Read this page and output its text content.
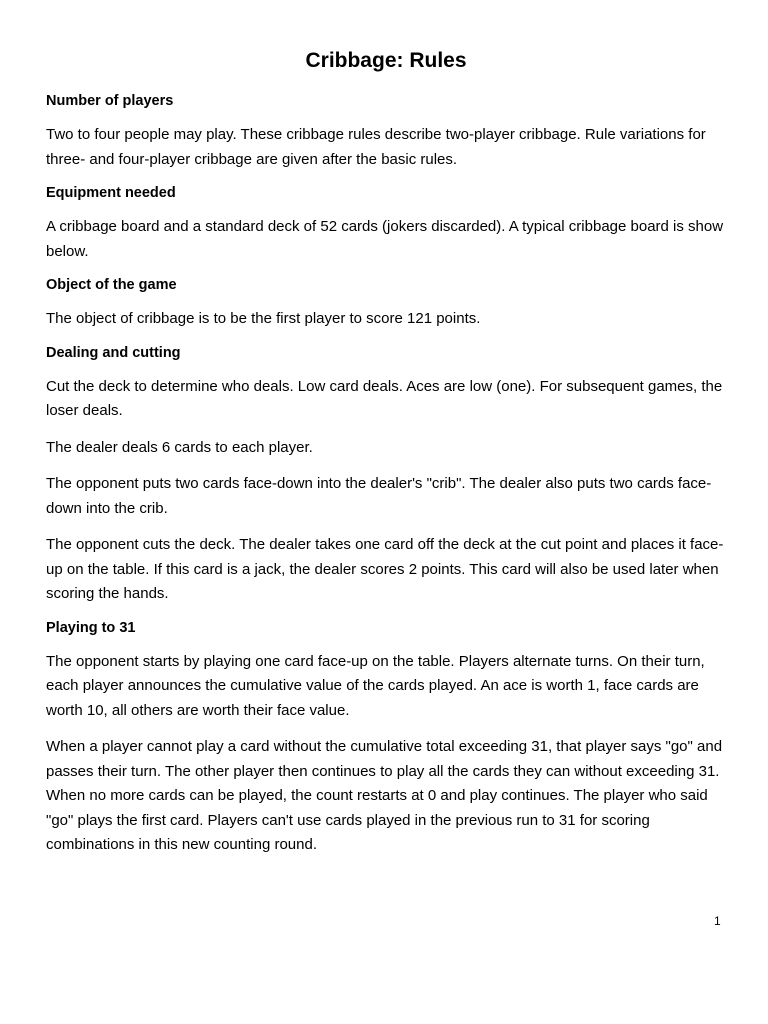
Cribbage: Rules
Number of players

Two to four people may play. These cribbage rules describe two-player cribbage. Rule variations for three- and four-player cribbage are given after the basic rules.

Equipment needed

A cribbage board and a standard deck of 52 cards (jokers discarded). A typical cribbage board is show below.

Object of the game

The object of cribbage is to be the first player to score 121 points.

Dealing and cutting

Cut the deck to determine who deals. Low card deals. Aces are low (one). For subsequent games, the loser deals.

The dealer deals 6 cards to each player.

The opponent puts two cards face-down into the dealer's "crib". The dealer also puts two cards face-down into the crib.

The opponent cuts the deck. The dealer takes one card off the deck at the cut point and places it face-up on the table. If this card is a jack, the dealer scores 2 points. This card will also be used later when scoring the hands.

Playing to 31

The opponent starts by playing one card face-up on the table. Players alternate turns. On their turn, each player announces the cumulative value of the cards played. An ace is worth 1, face cards are worth 10, all others are worth their face value.

When a player cannot play a card without the cumulative total exceeding 31, that player says "go" and passes their turn. The other player then continues to play all the cards they can without exceeding 31. When no more cards can be played, the count restarts at 0 and play continues. The player who said "go" plays the first card. Players can't use cards played in the previous run to 31 for scoring combinations in this new counting round.

1
